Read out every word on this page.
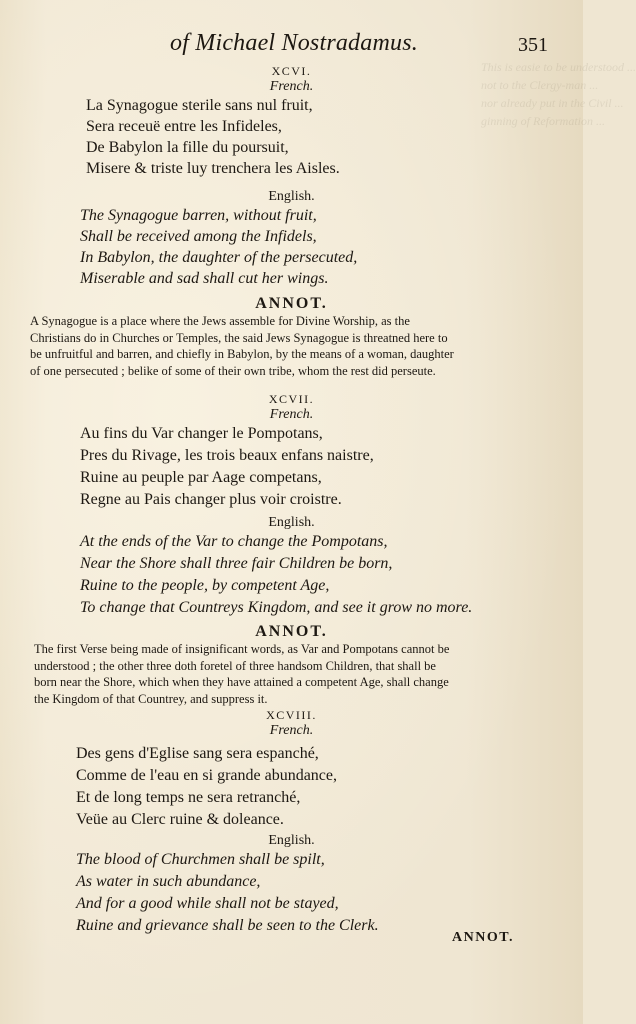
This is easie to be understood ...
not to the Clergy-man ...
nor already put in the Civil ...
ginning of Reformation ...
of Michael Nostradamus.	351
XCVI.
French.
La Synagogue sterile sans nul fruit,
Sera receuë entre les Infideles,
De Babylon la fille du poursuit,
Misere & triste luy trenchera les Aisles.
English.
The Synagogue barren, without fruit,
Shall be received among the Infidels,
In Babylon, the daughter of the persecuted,
Miserable and sad shall cut her wings.
ANNOT.
A Synagogue is a place where the Jews assemble for Divine Worship, as the
Christians do in Churches or Temples, the said Jews Synagogue is threatned here to
be unfruitful and barren, and chiefly in Babylon, by the means of a woman, daughter
of one persecuted ; belike of some of their own tribe, whom the rest did perseute.
XCVII.
French.
Au fins du Var changer le Pompotans,
Pres du Rivage, les trois beaux enfans naistre,
Ruine au peuple par Aage competans,
Regne au Pais changer plus voir croistre.
English.
At the ends of the Var to change the Pompotans,
Near the Shore shall three fair Children be born,
Ruine to the people, by competent Age,
To change that Countreys Kingdom, and see it grow no more.
ANNOT.
The first Verse being made of insignificant words, as Var and Pompotans cannot be
understood ; the other three doth foretel of three handsom Children, that shall be
born near the Shore, which when they have attained a competent Age, shall change
the Kingdom of that Countrey, and suppress it.
XCVIII.
French.
Des gens d'Eglise sang sera espanché,
Comme de l'eau en si grande abundance,
Et de long temps ne sera retranché,
Veüe au Clerc ruine & doleance.
English.
The blood of Churchmen shall be spilt,
As water in such abundance,
And for a good while shall not be stayed,
Ruine and grievance shall be seen to the Clerk.
ANNOT.
